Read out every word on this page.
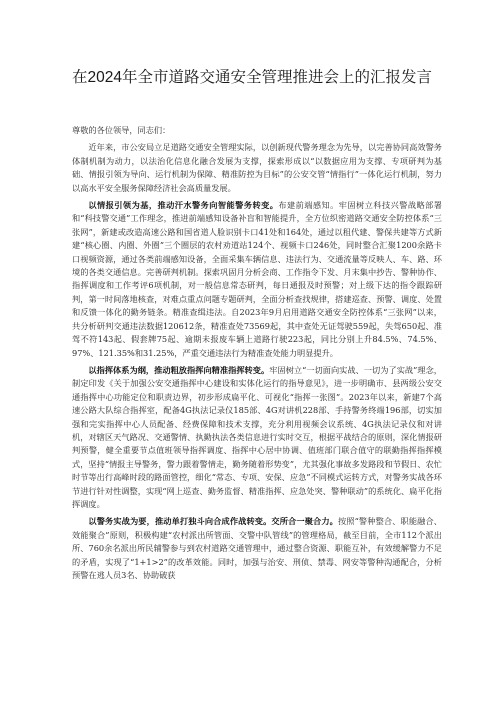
在2024年全市道路交通安全管理推进会上的汇报发言

尊敬的各位领导，同志们：

近年来，市公安局立足道路交通安全管理实际，以创新现代警务理念为先导，以完善协同高效警务体制机制为动力，以法治化信息化融合发展为支撑，探索形成以“以数据应用为支撑、专项研判为基础、情报引领为导向、运行机制为保障、精准防控为目标”的公安交管“情指行”一体化运行机制，努力以高水平安全服务保障经济社会高质量发展。

以情报引领为基，推动汗水警务向智能警务转变。布建前端感知。牢固树立科技兴警战略部署和“科技警交通”工作理念，推进前端感知设备补盲和智能提升，全方位织密道路交通安全防控体系“三张网”，新建或改造高速公路和国省道人脸识别卡口41处和164处，通过以租代建、警保共建等方式新建“核心圈、内圈、外圈”三个圈层的农村劝道站124个、视频卡口246处，同时整合汇聚1200余路卡口视频资源，通过各类前端感知设备，全面采集车辆信息、违法行为、交通流量等反映人、车、路、环境的各类交通信息。完善研判机制。探索巩固月分析会商、工作指令下发、月末集中抄告、警种协作、指挥调度和工作考评6项机制，对一般信息常态研判，每日通报及时预警；对上级下达的指令跟踪研判，第一时间落地核查，对难点重点问题专题研判，全面分析查找规律，搭建巡查、预警、调度、处置和反馈一体化的勤务链条。精准查缉违法。自2023年9月启用道路交通安全防控体系“三张网”以来，共分析研判交通违法数据120612条，精准查处73569起，其中查处无证驾驶559起，失驾650起、准驾不符143起、假套牌75起、逾期未报废车辆上道路行驶223起，同比分别上升84.5%、74.5%、97%、121.35%和31.25%，严重交通违法行为精准查处能力明显提升。

以指挥体系为纲，推动粗放指挥向精准指挥转变。牢固树立“一切面向实战、一切为了实战”理念，制定印发《关于加强公安交通指挥中心建设和实体化运行的指导意见》，进一步明确市、县两级公安交通指挥中心功能定位和职责边界，初步形成扁平化、可视化“指挥一张图”。2023年以来，新建7个高速公路大队综合指挥室，配备4G执法记录仪185部、4G对讲机228部、手持警务终端196部，切实加强和完实指挥中心人员配备、经费保障和技术支撑，充分利用视频会议系统、4G执法记录仪和对讲机，对辖区天气路况、交通警情、执勤执法各类信息进行实时交互，根据平战结合的原则，深化情报研判预警，健全重要节点值班领导指挥调度、指挥中心居中协调、值班部门联合值守的联勤指挥指挥模式，坚持“情报主导警务，警力跟着警情走，勤务随着形势变”，尤其强化事故多发路段和节假日、农忙时节等出行高峰时段的路面管控，细化“常态、专项、安保、应急”不同模式运转方式，对警务实战各环节进行针对性调整，实现“网上巡查、勤务监督、精准指挥、应急处突、警种联动”的系统化、扁平化指挥调度。

以警务实战为要，推动单打独斗向合成作战转变。交所合一聚合力。按照“警种整合、职能融合、效能聚合”原则，积极构建“农村派出所管面、交警中队管线”的管理格局，截至目前，全市112个派出所、760余名派出所民辅警参与到农村道路交通管理中，通过整合资源、职能互补，有效缓解警力不足的矛盾，实现了“1+1>2”的改革效能。同时，加强与治安、刑侦、禁毒、网安等警种沟通配合，分析预警在逃人员3名、协助破获
